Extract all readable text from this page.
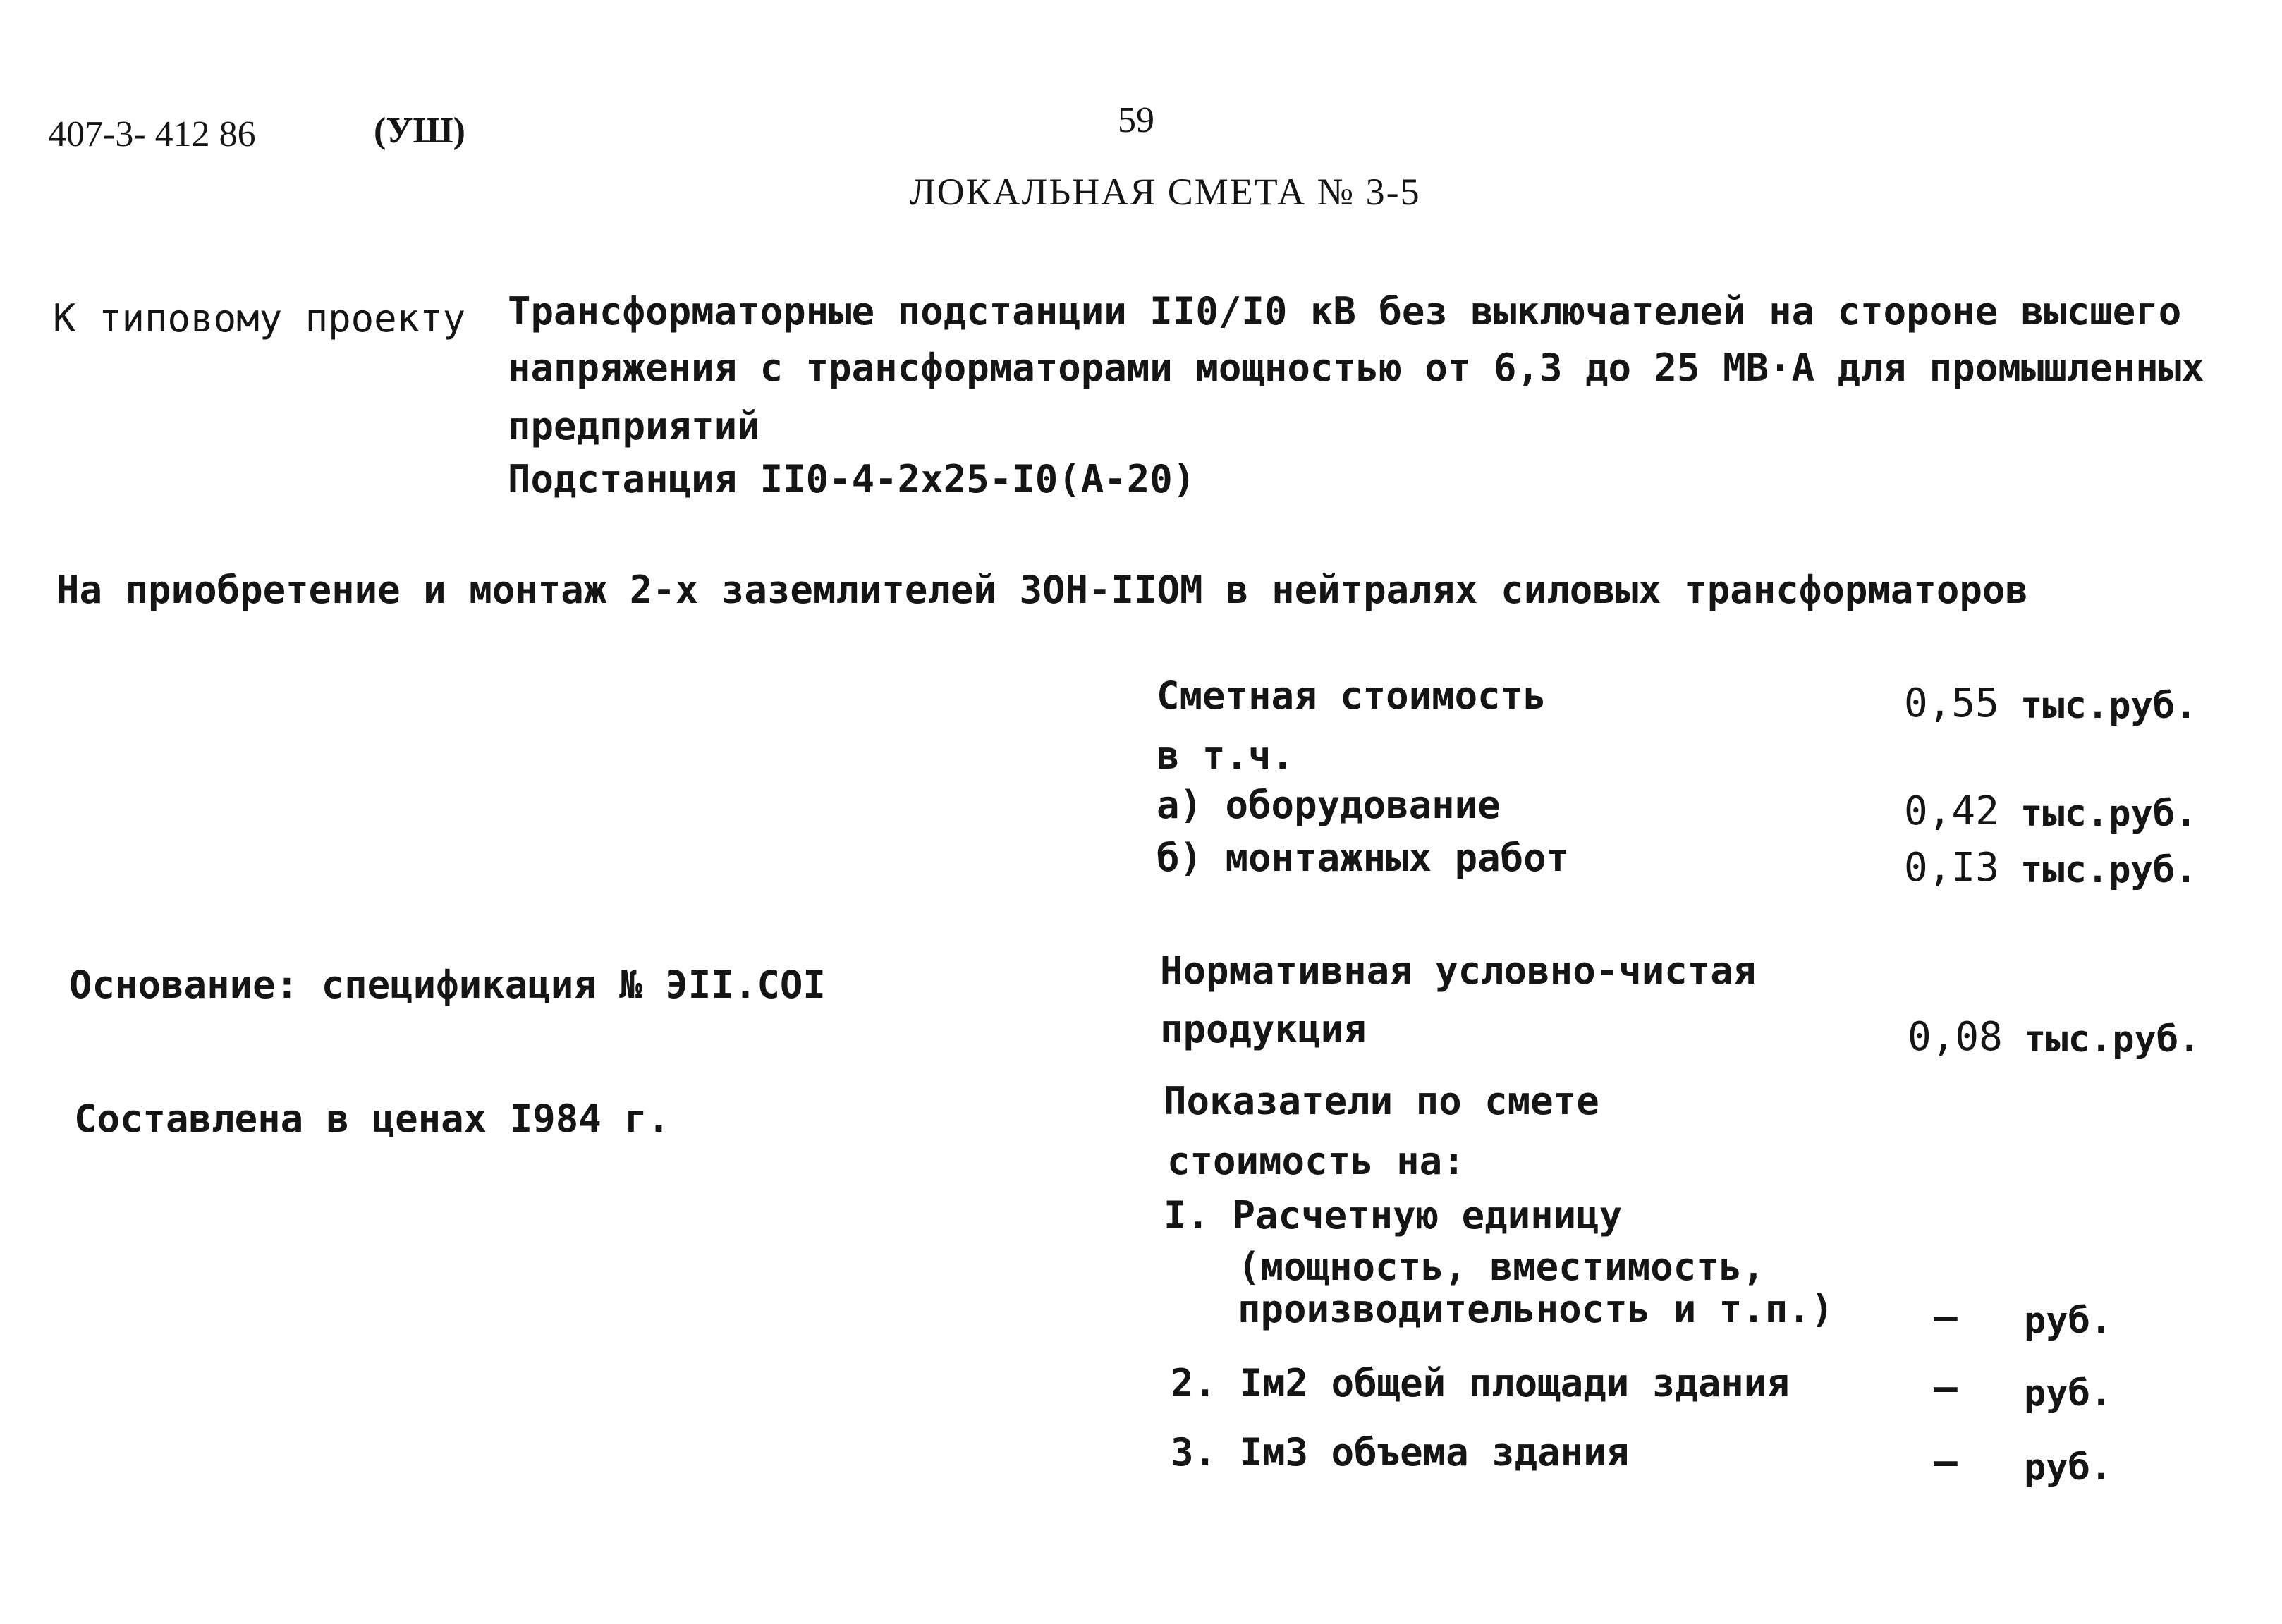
407-3- 412 86	(УШ)	59
ЛОКАЛЬНАЯ СМЕТА № 3-5
К типовому проекту Трансформаторные подстанции II0/I0 кВ без выключателей на стороне высшего
напряжения с трансформаторами мощностью от 6,3 до 25 МВ·А для промышленных
предприятий
Подстанция II0-4-2x25-I0(А-20)
На приобретение и монтаж 2-х заземлителей ЗОН-IIОМ в нейтралях силовых трансформаторов
Сметная стоимость	0,55 тыс.руб.
в т.ч.
а) оборудование	0,42 тыс.руб.
б) монтажных работ	0,I3 тыс.руб.
Основание: спецификация № ЭII.СОI
Составлена в ценах I984 г.
Нормативная условно-чистая
продукция	0,08 тыс.руб.
Показатели по смете
стоимость на:
I. Расчетную единицу
(мощность, вместимость,
производительность и т.п.)	– руб.
2. Iм2 общей площади здания	– руб.
3. Iм3 объема здания	– руб.
